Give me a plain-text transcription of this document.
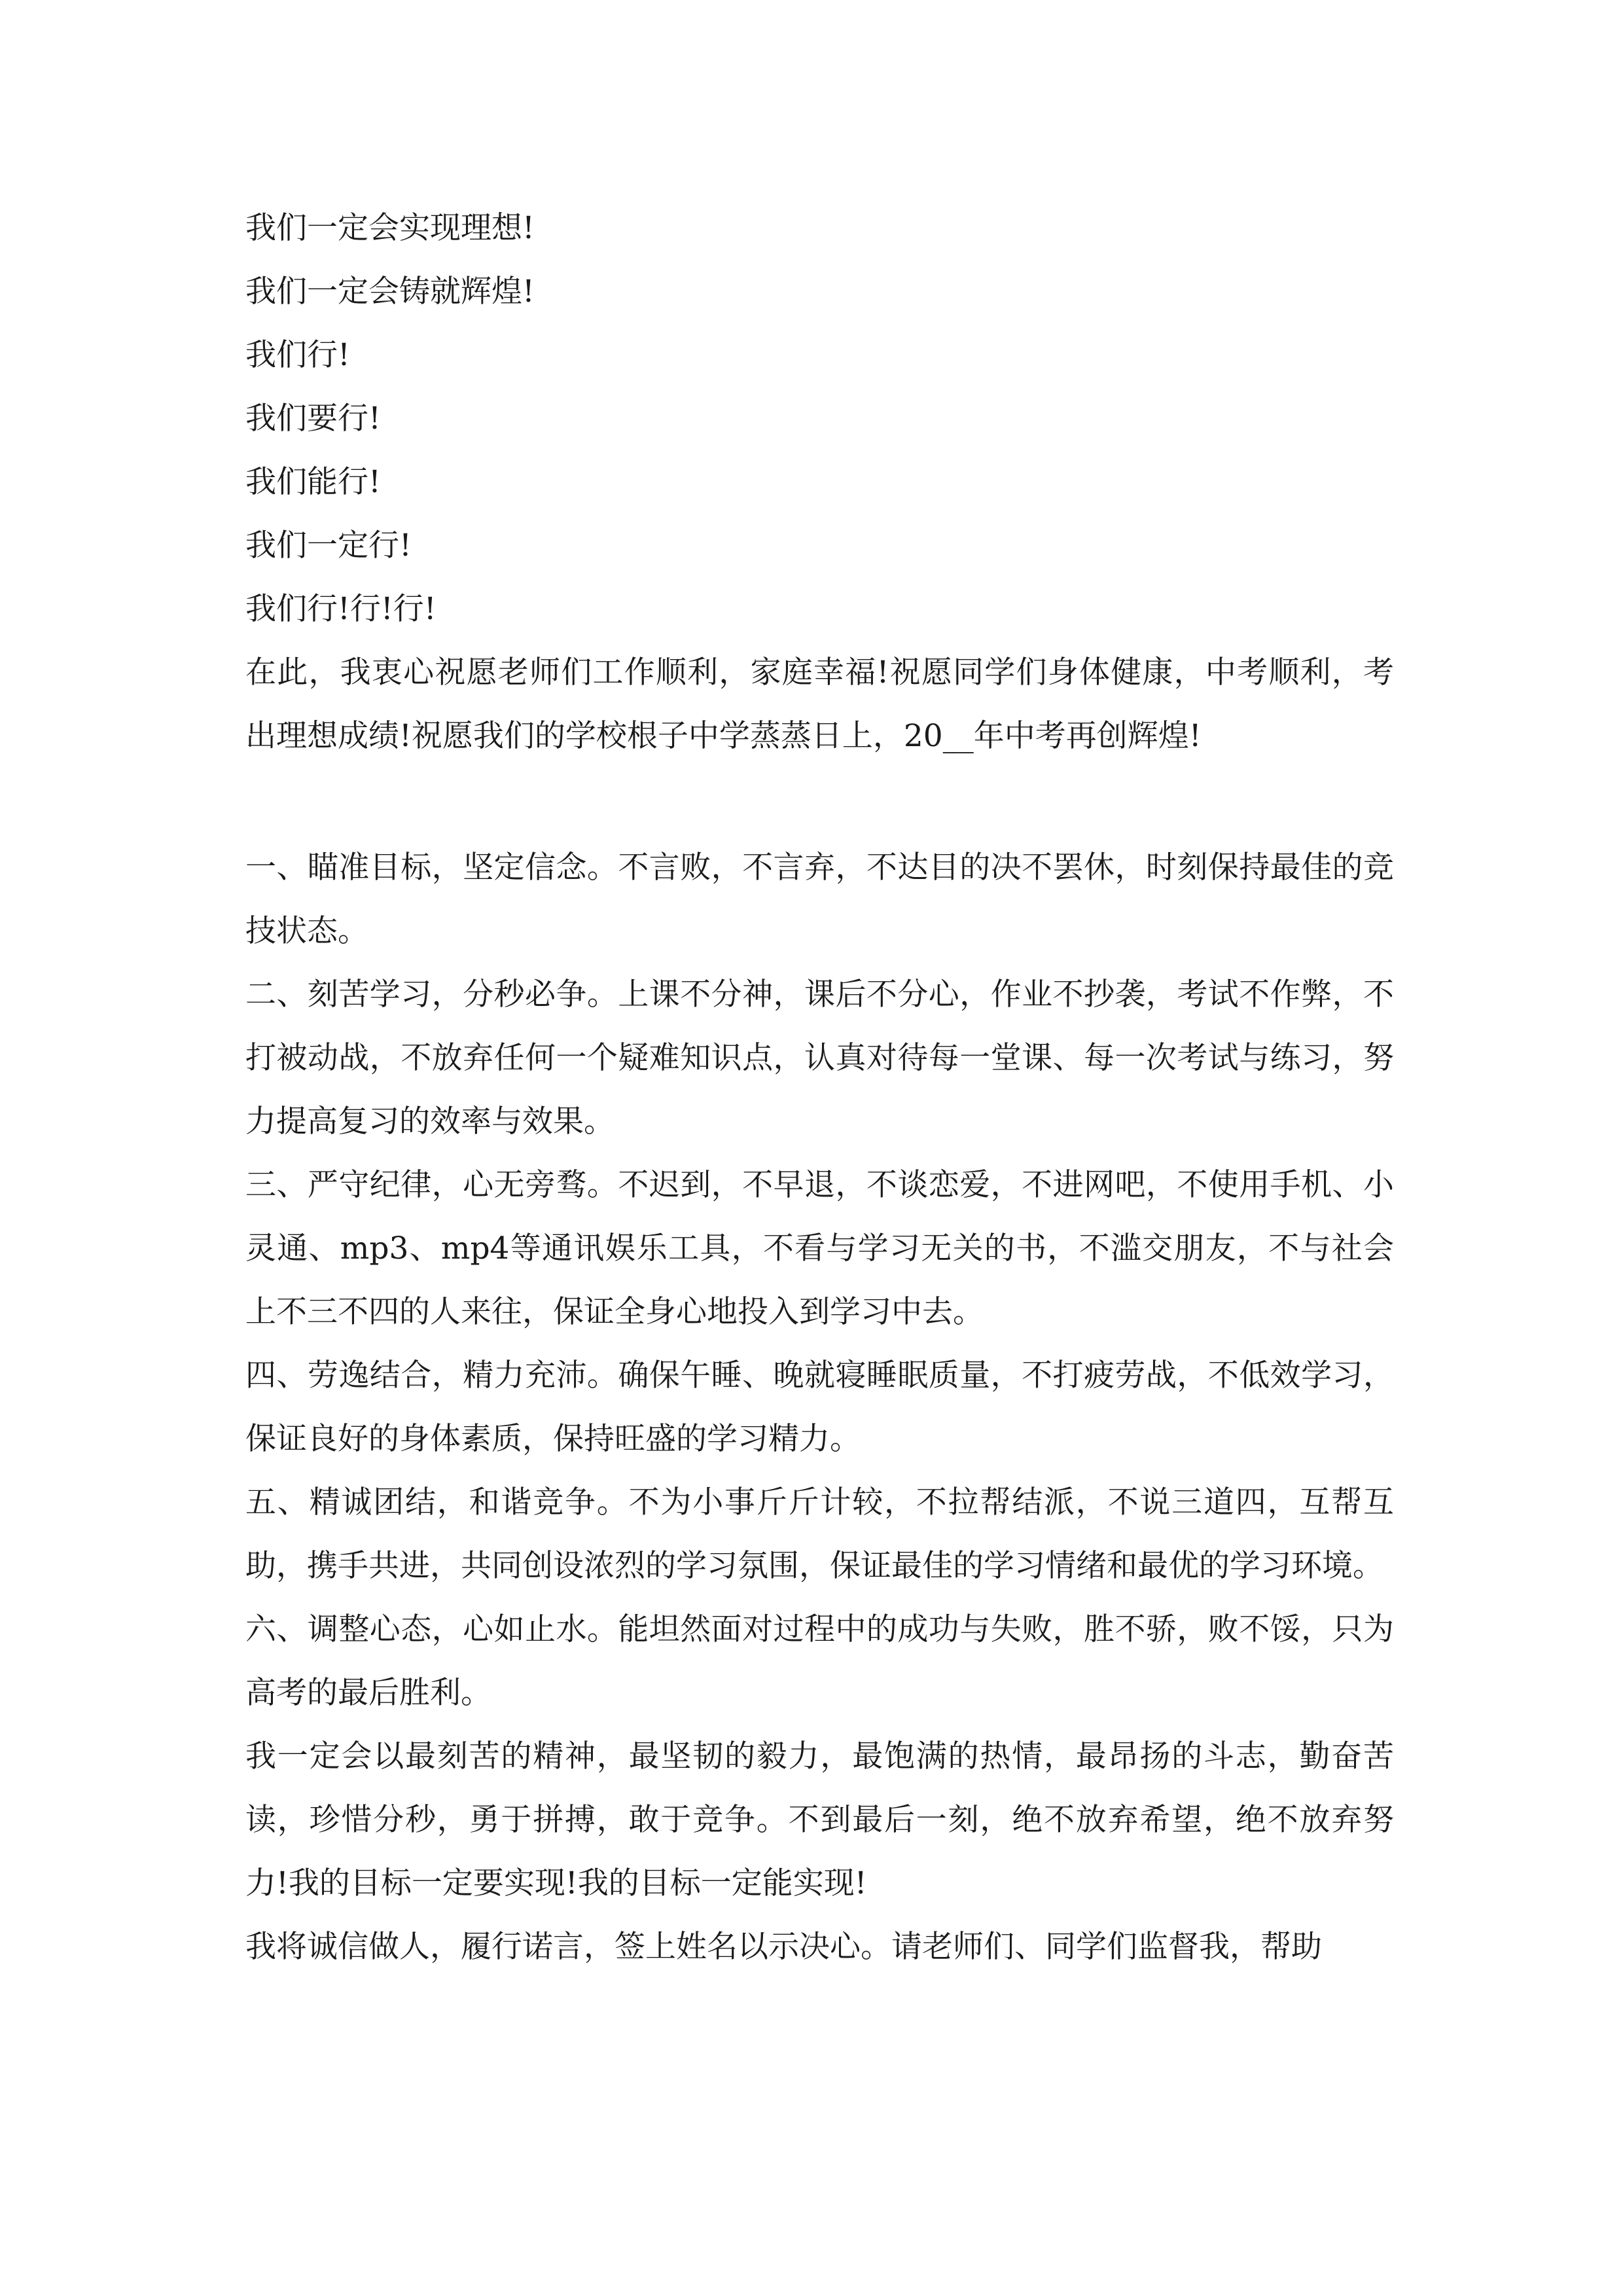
我们一定会实现理想!

我们一定会铸就辉煌!

我们行!

我们要行!

我们能行!

我们一定行!

我们行!行!行!

在此，我衷心祝愿老师们工作顺利，家庭幸福!祝愿同学们身体健康，中考顺利，考出理想成绩!祝愿我们的学校根子中学蒸蒸日上，20__年中考再创辉煌!

一、瞄准目标，坚定信念。不言败，不言弃，不达目的决不罢休，时刻保持最佳的竞技状态。

二、刻苦学习，分秒必争。上课不分神，课后不分心，作业不抄袭，考试不作弊，不打被动战，不放弃任何一个疑难知识点，认真对待每一堂课、每一次考试与练习，努力提高复习的效率与效果。

三、严守纪律，心无旁骛。不迟到，不早退，不谈恋爱，不进网吧，不使用手机、小灵通、mp3、mp4等通讯娱乐工具，不看与学习无关的书，不滥交朋友，不与社会上不三不四的人来往，保证全身心地投入到学习中去。

四、劳逸结合，精力充沛。确保午睡、晚就寝睡眠质量，不打疲劳战，不低效学习，保证良好的身体素质，保持旺盛的学习精力。

五、精诚团结，和谐竞争。不为小事斤斤计较，不拉帮结派，不说三道四，互帮互助，携手共进，共同创设浓烈的学习氛围，保证最佳的学习情绪和最优的学习环境。

六、调整心态，心如止水。能坦然面对过程中的成功与失败，胜不骄，败不馁，只为高考的最后胜利。

我一定会以最刻苦的精神，最坚韧的毅力，最饱满的热情，最昂扬的斗志，勤奋苦读，珍惜分秒，勇于拼搏，敢于竞争。不到最后一刻，绝不放弃希望，绝不放弃努力!我的目标一定要实现!我的目标一定能实现!

我将诚信做人，履行诺言，签上姓名以示决心。请老师们、同学们监督我，帮助
